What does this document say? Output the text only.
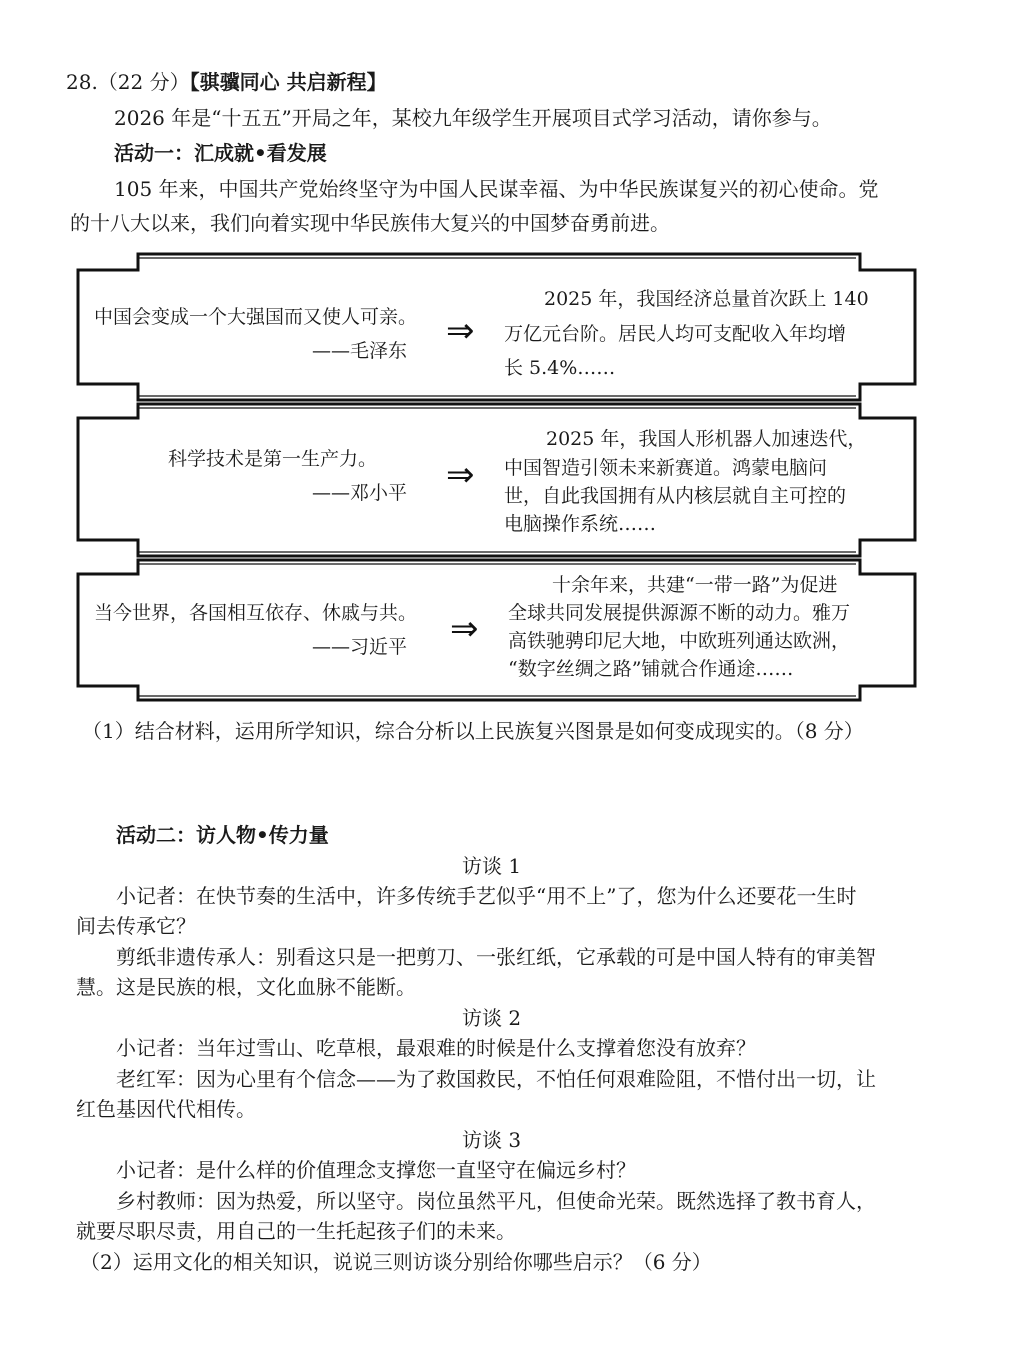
28.（22 分）【骐骥同心 共启新程】
2026 年是“十五五”开局之年，某校九年级学生开展项目式学习活动，请你参与。
活动一：汇成就•看发展
105 年来，中国共产党始终坚守为中国人民谋幸福、为中华民族谋复兴的初心使命。党
的十八大以来，我们向着实现中华民族伟大复兴的中国梦奋勇前进。
中国会变成一个大强国而又使人可亲。
——毛泽东 ⇒
2025 年，我国经济总量首次跃上 140
万亿元台阶。居民人均可支配收入年均增
长 5.4%……
科学技术是第一生产力。
——邓小平 ⇒
2025 年，我国人形机器人加速迭代，
中国智造引领未来新赛道。鸿蒙电脑问
世，自此我国拥有从内核层就自主可控的
电脑操作系统……
当今世界，各国相互依存、休戚与共。
——习近平 ⇒
十余年来，共建“一带一路”为促进
全球共同发展提供源源不断的动力。雅万
高铁驰骋印尼大地，中欧班列通达欧洲，
“数字丝绸之路”铺就合作通途……
（1）结合材料，运用所学知识，综合分析以上民族复兴图景是如何变成现实的。（8 分）
活动二：访人物•传力量
访谈 1
小记者：在快节奏的生活中，许多传统手艺似乎“用不上”了，您为什么还要花一生时
间去传承它？
剪纸非遗传承人：别看这只是一把剪刀、一张红纸，它承载的可是中国人特有的审美智
慧。这是民族的根，文化血脉不能断。
访谈 2
小记者：当年过雪山、吃草根，最艰难的时候是什么支撑着您没有放弃？
老红军：因为心里有个信念——为了救国救民，不怕任何艰难险阻，不惜付出一切，让
红色基因代代相传。
访谈 3
小记者：是什么样的价值理念支撑您一直坚守在偏远乡村？
乡村教师：因为热爱，所以坚守。岗位虽然平凡，但使命光荣。既然选择了教书育人，
就要尽职尽责，用自己的一生托起孩子们的未来。
（2）运用文化的相关知识，说说三则访谈分别给你哪些启示？（6 分）
